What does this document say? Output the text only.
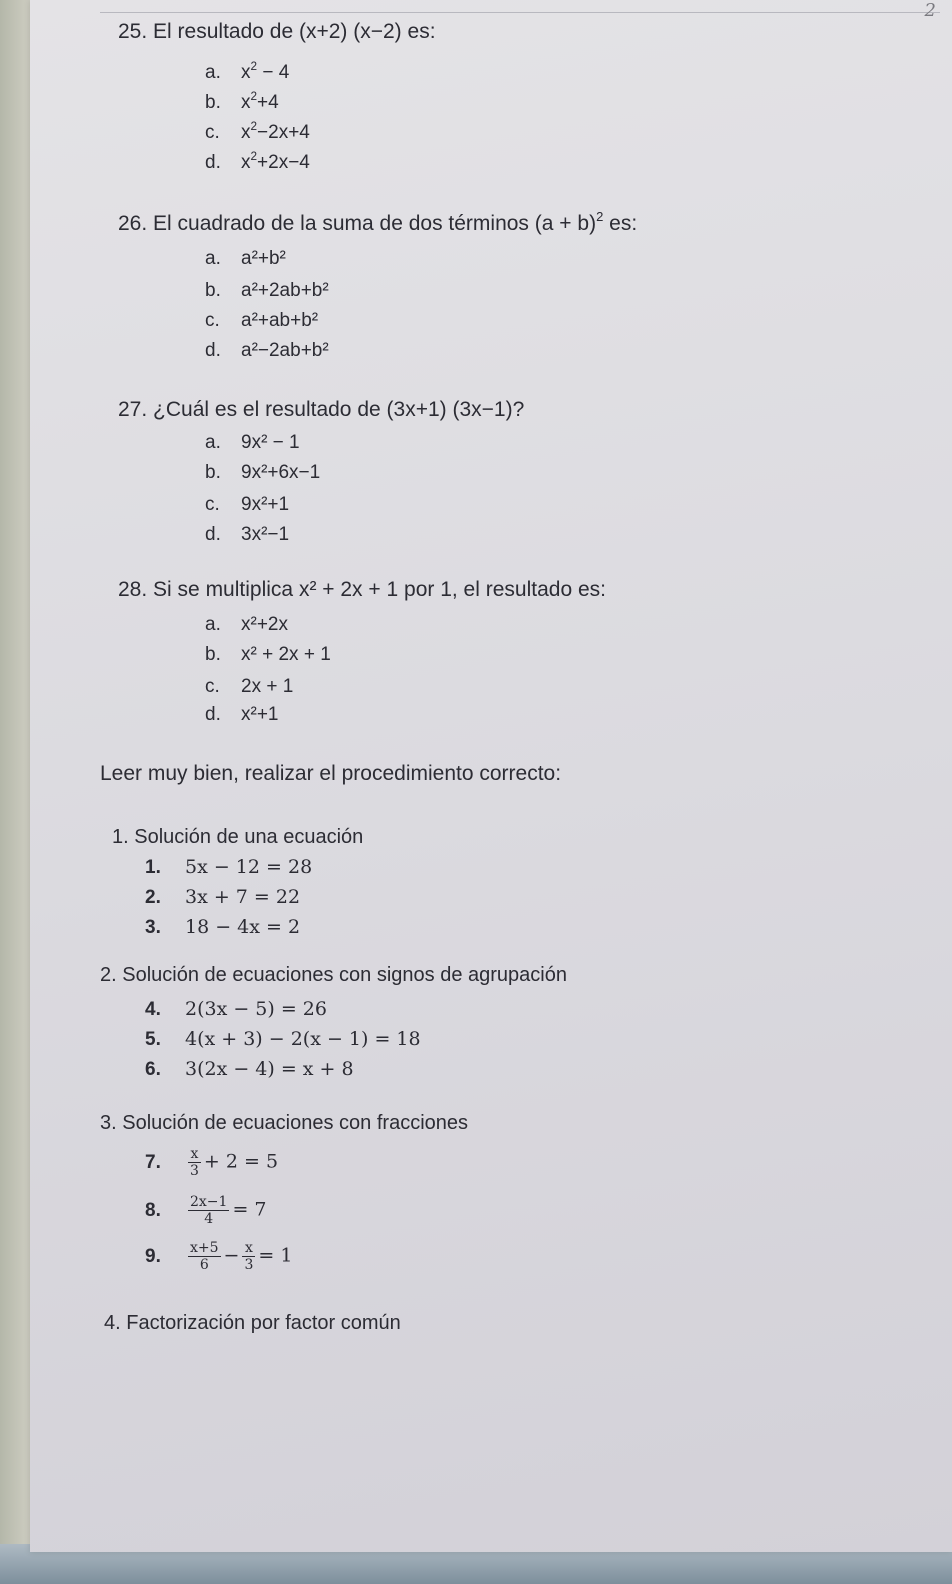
2
25. El resultado de (x+2) (x−2) es:
a. $x^2 - 4$
b. $x^2+4$
c. $x^2-2x+4$
d. $x^2+2x-4$
26. El cuadrado de la suma de dos términos $(a + b)^2$ es:
a. a²+b²
b. a²+2ab+b²
c. a²+ab+b²
d. a²−2ab+b²
27. ¿Cuál es el resultado de (3x+1) (3x−1)?
a. 9x² − 1
b. 9x²+6x−1
c. 9x²+1
d. 3x²−1
28. Si se multiplica x² + 2x + 1 por 1, el resultado es:
a. x²+2x
b. x² + 2x + 1
c. 2x + 1
d. x²+1
Leer muy bien, realizar el procedimiento correcto:
1. Solución de una ecuación
1. 5x − 12 = 28
2. 3x + 7 = 22
3. 18 − 4x = 2
2. Solución de ecuaciones con signos de agrupación
4. 2(3x − 5) = 26
5. 4(x + 3) − 2(x − 1) = 18
6. 3(2x − 4) = x + 8
3. Solución de ecuaciones con fracciones
7. $\frac{x}{3} + 2 = 5$
8. $\frac{2x-1}{4} = 7$
9. $\frac{x+5}{6} - \frac{x}{3} = 1$
4. Factorización por factor común
